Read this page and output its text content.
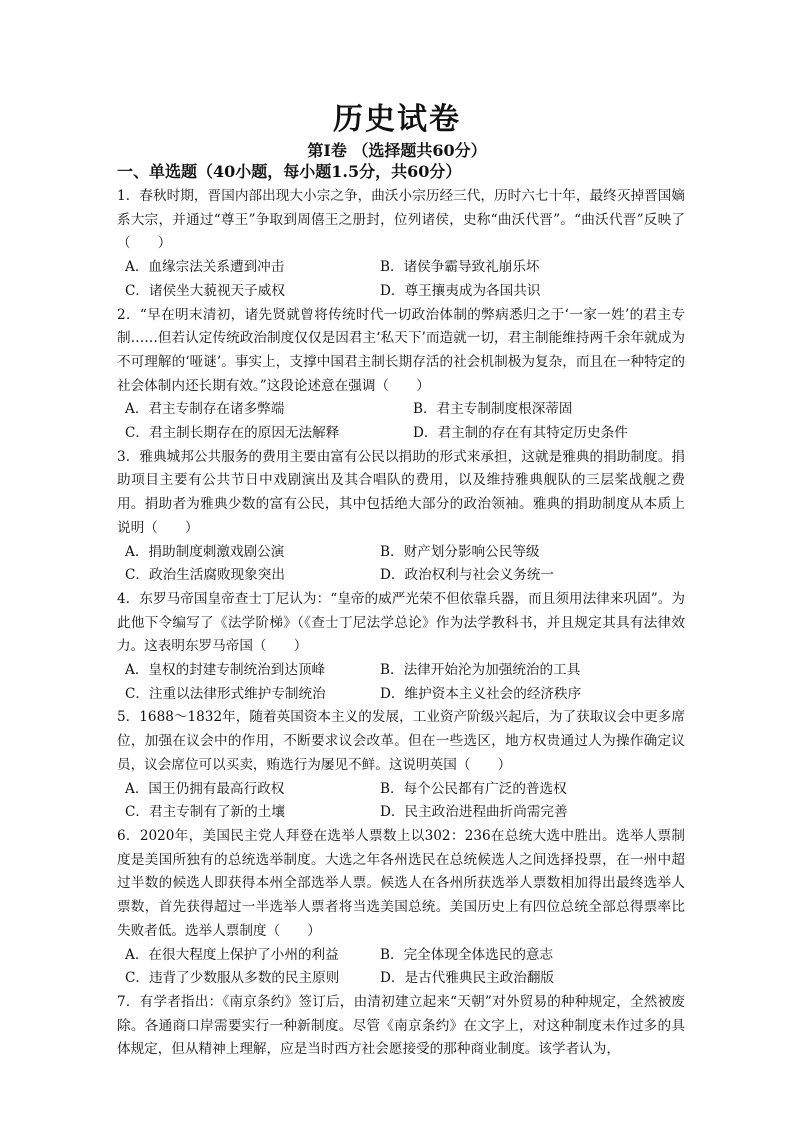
历史试卷
第Ⅰ卷 （选择题共60分）
一、单选题（40小题，每小题1.5分，共60分）

1．春秋时期，晋国内部出现大小宗之争，曲沃小宗历经三代，历时六七十年，最终灭掉晋国嫡系大宗，并通过“尊王”争取到周僖王之册封，位列诸侯，史称“曲沃代晋”。“曲沃代晋”反映了（　　）

A．血缘宗法关系遭到冲击	B．诸侯争霸导致礼崩乐坏
C．诸侯坐大藐视天子威权	D．尊王攘夷成为各国共识

2．“早在明末清初，诸先贤就曾将传统时代一切政治体制的弊病悉归之于‘一家一姓’的君主专制……但若认定传统政治制度仅仅是因君主‘私天下’而造就一切，君主制能维持两千余年就成为不可理解的‘哑谜’。事实上，支撑中国君主制长期存活的社会机制极为复杂，而且在一种特定的社会体制内还长期有效。”这段论述意在强调（　　）

A．君主专制存在诸多弊端	B．君主专制制度根深蒂固
C．君主制长期存在的原因无法解释	D．君主制的存在有其特定历史条件

3．雅典城邦公共服务的费用主要由富有公民以捐助的形式来承担，这就是雅典的捐助制度。捐助项目主要有公共节日中戏剧演出及其合唱队的费用，以及维持雅典舰队的三层桨战舰之费用。捐助者为雅典少数的富有公民，其中包括绝大部分的政治领袖。雅典的捐助制度从本质上说明（　　）

A．捐助制度刺激戏剧公演	B．财产划分影响公民等级
C．政治生活腐败现象突出	D．政治权利与社会义务统一

4．东罗马帝国皇帝查士丁尼认为：“皇帝的威严光荣不但依靠兵器，而且须用法律来巩固”。为此他下令编写了《法学阶梯》（《查士丁尼法学总论》作为法学教科书，并且规定其具有法律效力。这表明东罗马帝国（　　）

A．皇权的封建专制统治到达顶峰	B．法律开始沦为加强统治的工具
C．注重以法律形式维护专制统治	D．维护资本主义社会的经济秩序

5．1688～1832年，随着英国资本主义的发展，工业资产阶级兴起后，为了获取议会中更多席位，加强在议会中的作用，不断要求议会改革。但在一些选区，地方权贵通过人为操作确定议员，议会席位可以买卖，贿选行为屡见不鲜。这说明英国（　　）

A．国王仍拥有最高行政权	B．每个公民都有广泛的普选权
C．君主专制有了新的土壤	D．民主政治进程曲折尚需完善

6．2020年，美国民主党人拜登在选举人票数上以302：236在总统大选中胜出。选举人票制度是美国所独有的总统选举制度。大选之年各州选民在总统候选人之间选择投票，在一州中超过半数的候选人即获得本州全部选举人票。候选人在各州所获选举人票数相加得出最终选举人票数，首先获得超过一半选举人票者将当选美国总统。美国历史上有四位总统全部总得票率比失败者低。选举人票制度（　　）

A．在很大程度上保护了小州的利益	B．完全体现全体选民的意志
C．违背了少数服从多数的民主原则	D．是古代雅典民主政治翻版

7．有学者指出：《南京条约》签订后，由清初建立起来“天朝”对外贸易的种种规定，全然被废除。各通商口岸需要实行一种新制度。尽管《南京条约》在文字上，对这种制度未作过多的具体规定，但从精神上理解，应是当时西方社会愿接受的那种商业制度。该学者认为，
